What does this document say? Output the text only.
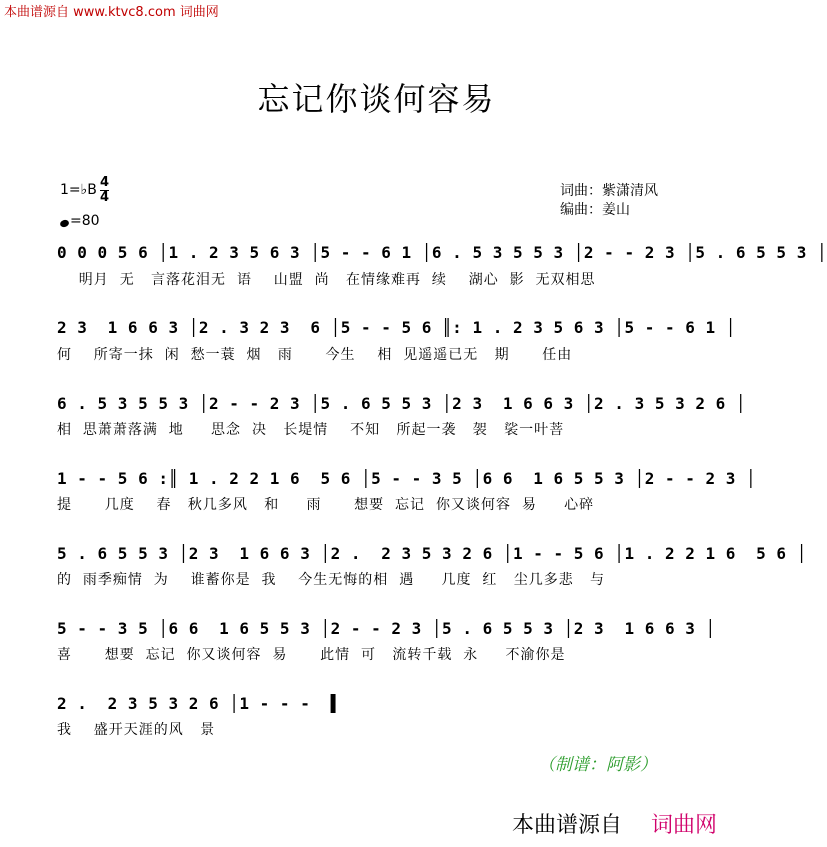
本曲谱源自 www.ktvc8.com 词曲网
忘记你谈何容易
1=♭B 4
4
=80
词曲：紫潇清风
编曲：姜山
0 0 0 5 6 │1 . 2 3 5 6 3 │5 - - 6 1 │6 . 5 3 5 5 3 │2 - - 2 3 │5 . 6 5 5 3 │
明月  无   言落花泪无  语    山盟  尚   在情缘难再  续    湖心  影  无双相思
2 3  1 6 6 3 │2 . 3 2 3  6 │5 - - 5 6 ║: 1 . 2 3 5 6 3 │5 - - 6 1 │
何    所寄一抹  闲  愁一蓑  烟   雨      今生    相  见遥遥已无   期      任由
6 . 5 3 5 5 3 │2 - - 2 3 │5 . 6 5 5 3 │2 3  1 6 6 3 │2 . 3 5 3 2 6 │
相  思萧萧落满  地     思念  决   长堤情    不知   所起一袭   袈   裟一叶菩
1 - - 5 6 :║ 1 . 2 2 1 6  5 6 │5 - - 3 5 │6 6  1 6 5 5 3 │2 - - 2 3 │
提      几度    春   秋几多风   和     雨      想要  忘记  你又谈何容  易     心碎
5 . 6 5 5 3 │2 3  1 6 6 3 │2 .  2 3 5 3 2 6 │1 - - 5 6 │1 . 2 2 1 6  5 6 │
的  雨季痴情  为    谁蓄你是  我    今生无悔的相  遇     几度  红   尘几多悲   与
5 - - 3 5 │6 6  1 6 5 5 3 │2 - - 2 3 │5 . 6 5 5 3 │2 3  1 6 6 3 │
喜      想要  忘记  你又谈何容  易      此情  可   流转千载  永     不渝你是
2 .  2 3 5 3 2 6 │1 - - -  ▌
我    盛开天涯的风   景
（制谱：阿影）
本曲谱源自 词曲网
